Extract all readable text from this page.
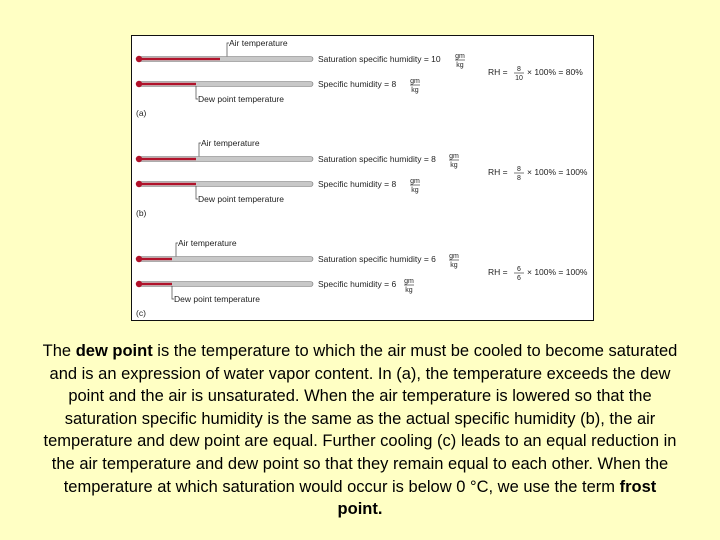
Air temperature
Dew point temperature
(a)
Saturation specific humidity = 10 gm
kg
Specific humidity = 8 gm
kg
RH = 8
10
× 100% = 80%
Air temperature
Dew point temperature
(b)
Saturation specific humidity = 8 gm
kg
Specific humidity = 8 gm
kg
RH = 8
8
× 100% = 100%
Air temperature
Dew point temperature
(c)
Saturation specific humidity = 6 gm
kg
Specific humidity = 6 gm
kg
RH = 6
6
× 100% = 100%
The dew point is the temperature to which the air must be cooled to become saturated and is an expression of water vapor content. In (a), the temperature exceeds the dew point and the air is unsaturated. When the air temperature is lowered so that the saturation specific humidity is the same as the actual specific humidity (b), the air temperature and dew point are equal. Further cooling (c) leads to an equal reduction in the air temperature and dew point so that they remain equal to each other. When the temperature at which saturation would occur is below 0 °C, we use the term frost point.
